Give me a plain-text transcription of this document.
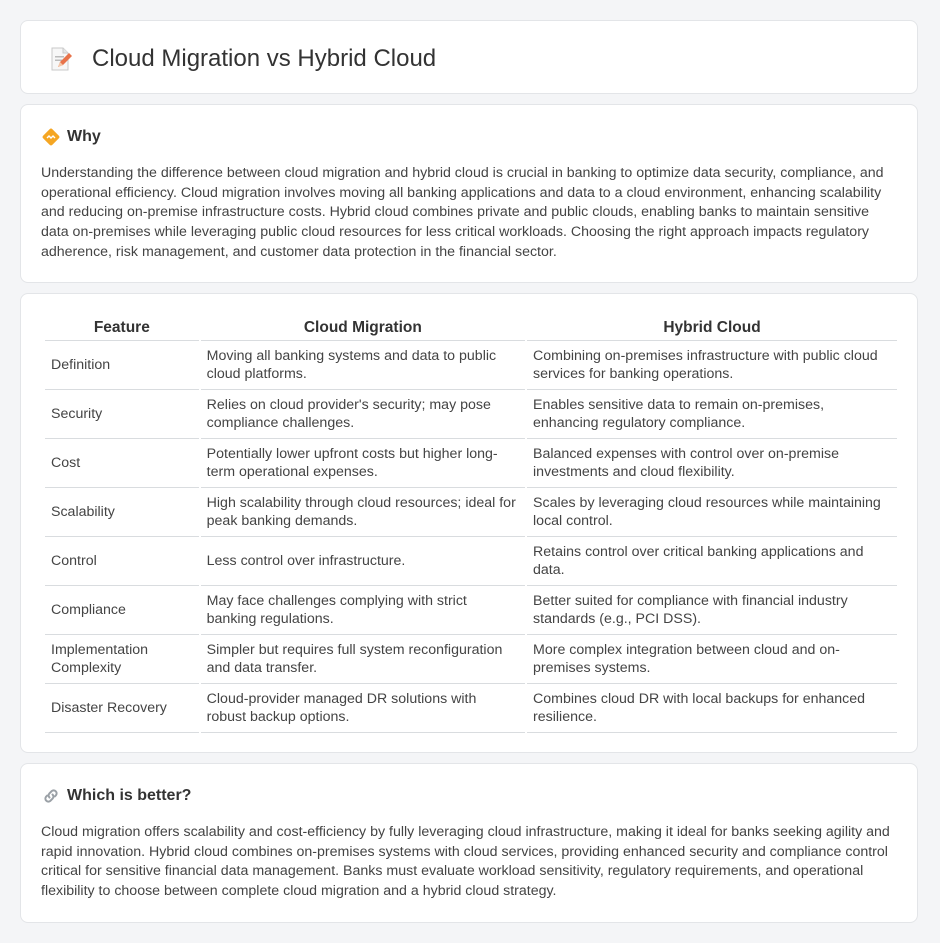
Cloud Migration vs Hybrid Cloud
Why

Understanding the difference between cloud migration and hybrid cloud is crucial in banking to optimize data security, compliance, and operational efficiency. Cloud migration involves moving all banking applications and data to a cloud environment, enhancing scalability and reducing on-premise infrastructure costs. Hybrid cloud combines private and public clouds, enabling banks to maintain sensitive data on-premises while leveraging public cloud resources for less critical workloads. Choosing the right approach impacts regulatory adherence, risk management, and customer data protection in the financial sector.

Feature	Cloud Migration	Hybrid Cloud
Definition	Moving all banking systems and data to public cloud platforms.	Combining on-premises infrastructure with public cloud services for banking operations.
Security	Relies on cloud provider's security; may pose compliance challenges.	Enables sensitive data to remain on-premises, enhancing regulatory compliance.
Cost	Potentially lower upfront costs but higher long-term operational expenses.	Balanced expenses with control over on-premise investments and cloud flexibility.
Scalability	High scalability through cloud resources; ideal for peak banking demands.	Scales by leveraging cloud resources while maintaining local control.
Control	Less control over infrastructure.	Retains control over critical banking applications and data.
Compliance	May face challenges complying with strict banking regulations.	Better suited for compliance with financial industry standards (e.g., PCI DSS).
Implementation Complexity	Simpler but requires full system reconfiguration and data transfer.	More complex integration between cloud and on-premises systems.
Disaster Recovery	Cloud-provider managed DR solutions with robust backup options.	Combines cloud DR with local backups for enhanced resilience.
Which is better?

Cloud migration offers scalability and cost-efficiency by fully leveraging cloud infrastructure, making it ideal for banks seeking agility and rapid innovation. Hybrid cloud combines on-premises systems with cloud services, providing enhanced security and compliance control critical for sensitive financial data management. Banks must evaluate workload sensitivity, regulatory requirements, and operational flexibility to choose between complete cloud migration and a hybrid cloud strategy.
